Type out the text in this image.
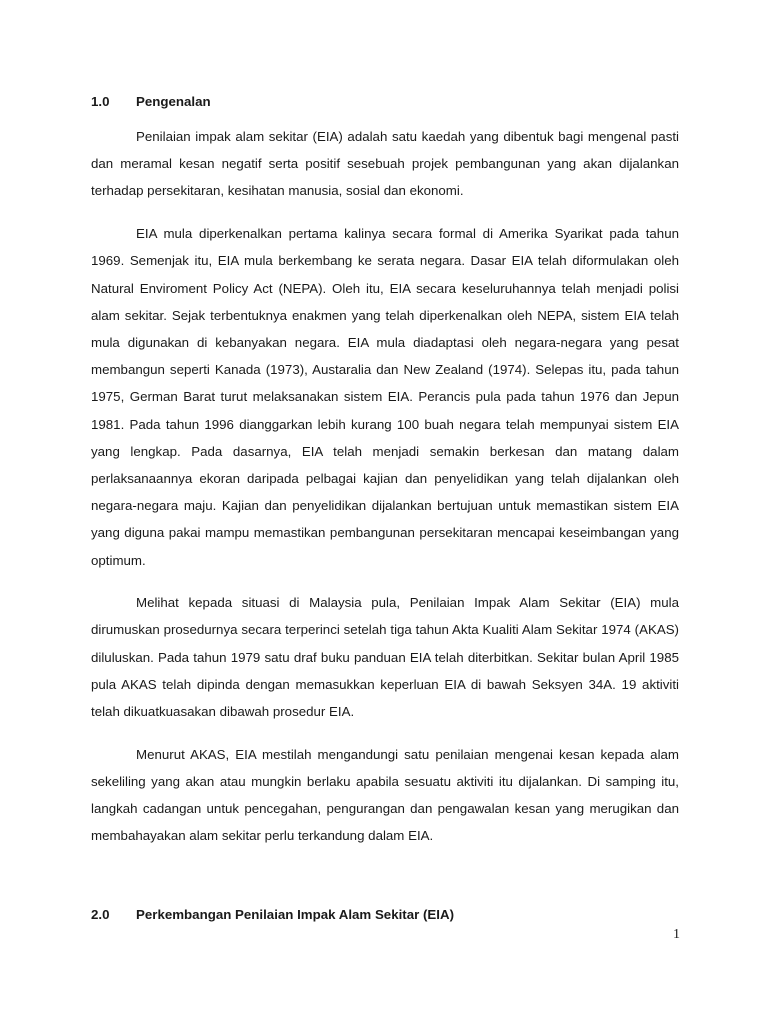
1.0	Pengenalan

Penilaian impak alam sekitar (EIA) adalah satu kaedah yang dibentuk bagi mengenal pasti dan meramal kesan negatif serta positif sesebuah projek pembangunan yang akan dijalankan terhadap persekitaran, kesihatan manusia, sosial dan ekonomi.

EIA mula diperkenalkan pertama kalinya secara formal di Amerika Syarikat pada tahun 1969. Semenjak itu, EIA mula berkembang ke serata negara. Dasar EIA telah diformulakan oleh Natural Enviroment Policy Act (NEPA). Oleh itu, EIA secara keseluruhannya telah menjadi polisi alam sekitar. Sejak terbentuknya enakmen yang telah diperkenalkan oleh NEPA, sistem EIA telah mula digunakan di kebanyakan negara. EIA mula diadaptasi oleh negara-negara yang pesat membangun seperti Kanada (1973), Austaralia dan New Zealand (1974). Selepas itu, pada tahun 1975, German Barat turut melaksanakan sistem EIA. Perancis pula pada tahun 1976 dan Jepun 1981. Pada tahun 1996 dianggarkan lebih kurang 100 buah negara telah mempunyai sistem EIA yang lengkap. Pada dasarnya, EIA telah menjadi semakin berkesan dan matang dalam perlaksanaannya ekoran daripada pelbagai kajian dan penyelidikan yang telah dijalankan oleh negara-negara maju. Kajian dan penyelidikan dijalankan bertujuan untuk memastikan sistem EIA yang diguna pakai mampu memastikan pembangunan persekitaran mencapai keseimbangan yang optimum.

Melihat kepada situasi di Malaysia pula, Penilaian Impak Alam Sekitar (EIA) mula dirumuskan prosedurnya secara terperinci setelah tiga tahun Akta Kualiti Alam Sekitar 1974 (AKAS) diluluskan. Pada tahun 1979 satu draf buku panduan EIA telah diterbitkan. Sekitar bulan April 1985 pula AKAS telah dipinda dengan memasukkan keperluan EIA di bawah Seksyen 34A. 19 aktiviti telah dikuatkuasakan dibawah prosedur EIA.

Menurut AKAS, EIA mestilah mengandungi satu penilaian mengenai kesan kepada alam sekeliling yang akan atau mungkin berlaku apabila sesuatu aktiviti itu dijalankan. Di samping itu, langkah cadangan untuk pencegahan, pengurangan dan pengawalan kesan yang merugikan dan membahayakan alam sekitar perlu terkandung dalam EIA.

2.0	Perkembangan Penilaian Impak Alam Sekitar (EIA)

1
